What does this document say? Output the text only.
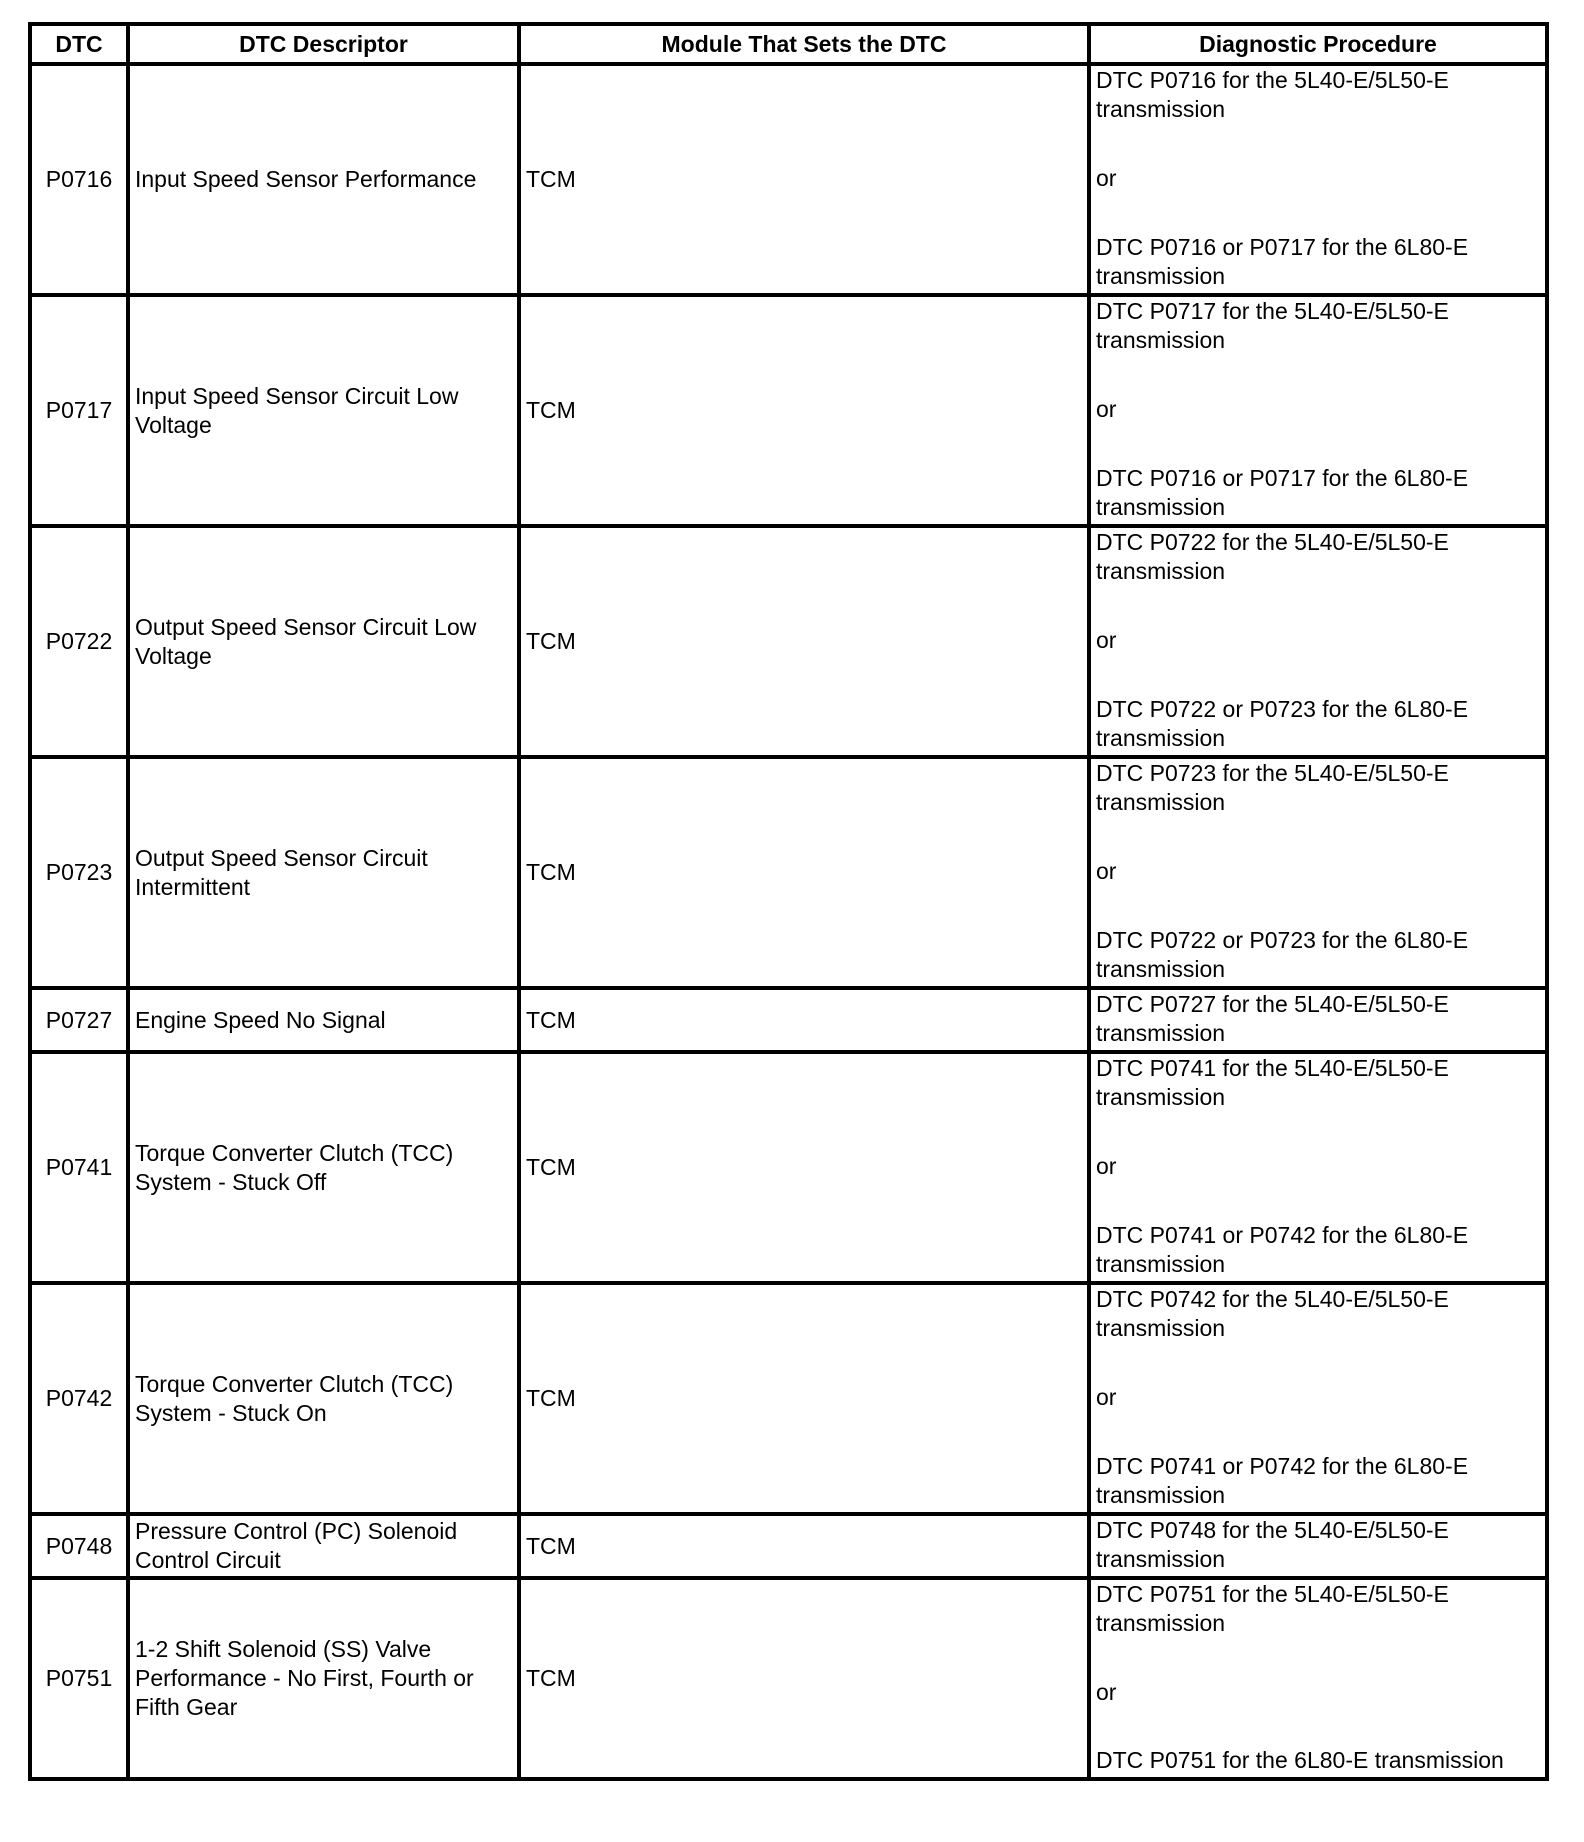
DTC	DTC Descriptor	Module That Sets the DTC	Diagnostic Procedure
P0716	Input Speed Sensor Performance	TCM	DTC P0716 for the 5L40-E/5L50-E transmission
or
DTC P0716 or P0717 for the 6L80-E transmission

P0717	Input Speed Sensor Circuit Low Voltage	TCM	DTC P0717 for the 5L40-E/5L50-E transmission
or
DTC P0716 or P0717 for the 6L80-E transmission

P0722	Output Speed Sensor Circuit Low Voltage	TCM	DTC P0722 for the 5L40-E/5L50-E transmission
or
DTC P0722 or P0723 for the 6L80-E transmission

P0723	Output Speed Sensor Circuit Intermittent	TCM	DTC P0723 for the 5L40-E/5L50-E transmission
or
DTC P0722 or P0723 for the 6L80-E transmission

P0727	Engine Speed No Signal	TCM	DTC P0727 for the 5L40-E/5L50-E transmission

P0741	Torque Converter Clutch (TCC) System - Stuck Off	TCM	DTC P0741 for the 5L40-E/5L50-E transmission
or
DTC P0741 or P0742 for the 6L80-E transmission

P0742	Torque Converter Clutch (TCC) System - Stuck On	TCM	DTC P0742 for the 5L40-E/5L50-E transmission
or
DTC P0741 or P0742 for the 6L80-E transmission

P0748	Pressure Control (PC) Solenoid Control Circuit	TCM	DTC P0748 for the 5L40-E/5L50-E transmission

P0751	1-2 Shift Solenoid (SS) Valve Performance - No First, Fourth or Fifth Gear	TCM	DTC P0751 for the 5L40-E/5L50-E transmission
or
DTC P0751 for the 6L80-E transmission
